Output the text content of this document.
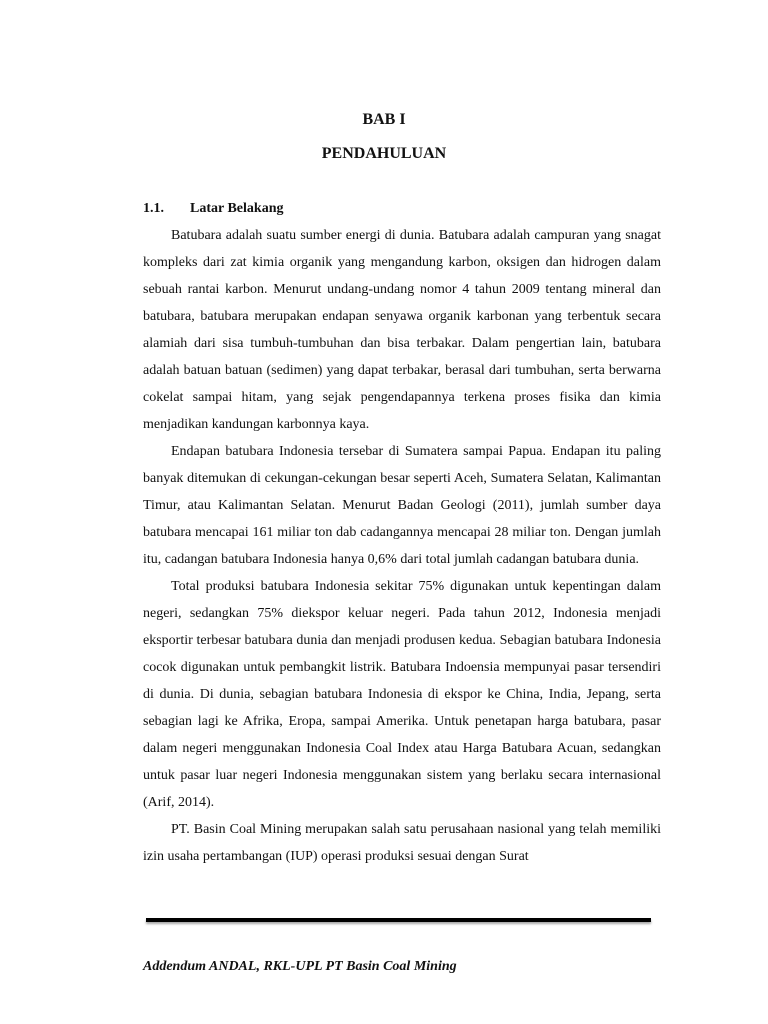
BAB I
PENDAHULUAN
1.1. Latar Belakang

Batubara adalah suatu sumber energi di dunia. Batubara adalah campuran yang snagat kompleks dari zat kimia organik yang mengandung karbon, oksigen dan hidrogen dalam sebuah rantai karbon. Menurut undang-undang nomor 4 tahun 2009 tentang mineral dan batubara, batubara merupakan endapan senyawa organik karbonan yang terbentuk secara alamiah dari sisa tumbuh-tumbuhan dan bisa terbakar. Dalam pengertian lain, batubara adalah batuan batuan (sedimen) yang dapat terbakar, berasal dari tumbuhan, serta berwarna cokelat sampai hitam, yang sejak pengendapannya terkena proses fisika dan kimia menjadikan kandungan karbonnya kaya.

Endapan batubara Indonesia tersebar di Sumatera sampai Papua. Endapan itu paling banyak ditemukan di cekungan-cekungan besar seperti Aceh, Sumatera Selatan, Kalimantan Timur, atau Kalimantan Selatan. Menurut Badan Geologi (2011), jumlah sumber daya batubara mencapai 161 miliar ton dab cadangannya mencapai 28 miliar ton. Dengan jumlah itu, cadangan batubara Indonesia hanya 0,6% dari total jumlah cadangan batubara dunia.

Total produksi batubara Indonesia sekitar 75% digunakan untuk kepentingan dalam negeri, sedangkan 75% diekspor keluar negeri. Pada tahun 2012, Indonesia menjadi eksportir terbesar batubara dunia dan menjadi produsen kedua. Sebagian batubara Indonesia cocok digunakan untuk pembangkit listrik. Batubara Indoensia mempunyai pasar tersendiri di dunia. Di dunia, sebagian batubara Indonesia di ekspor ke China, India, Jepang, serta sebagian lagi ke Afrika, Eropa, sampai Amerika. Untuk penetapan harga batubara, pasar dalam negeri menggunakan Indonesia Coal Index atau Harga Batubara Acuan, sedangkan untuk pasar luar negeri Indonesia menggunakan sistem yang berlaku secara internasional (Arif, 2014).

PT. Basin Coal Mining merupakan salah satu perusahaan nasional yang telah memiliki izin usaha pertambangan (IUP) operasi produksi sesuai dengan Surat

Addendum ANDAL, RKL-UPL PT Basin Coal Mining
